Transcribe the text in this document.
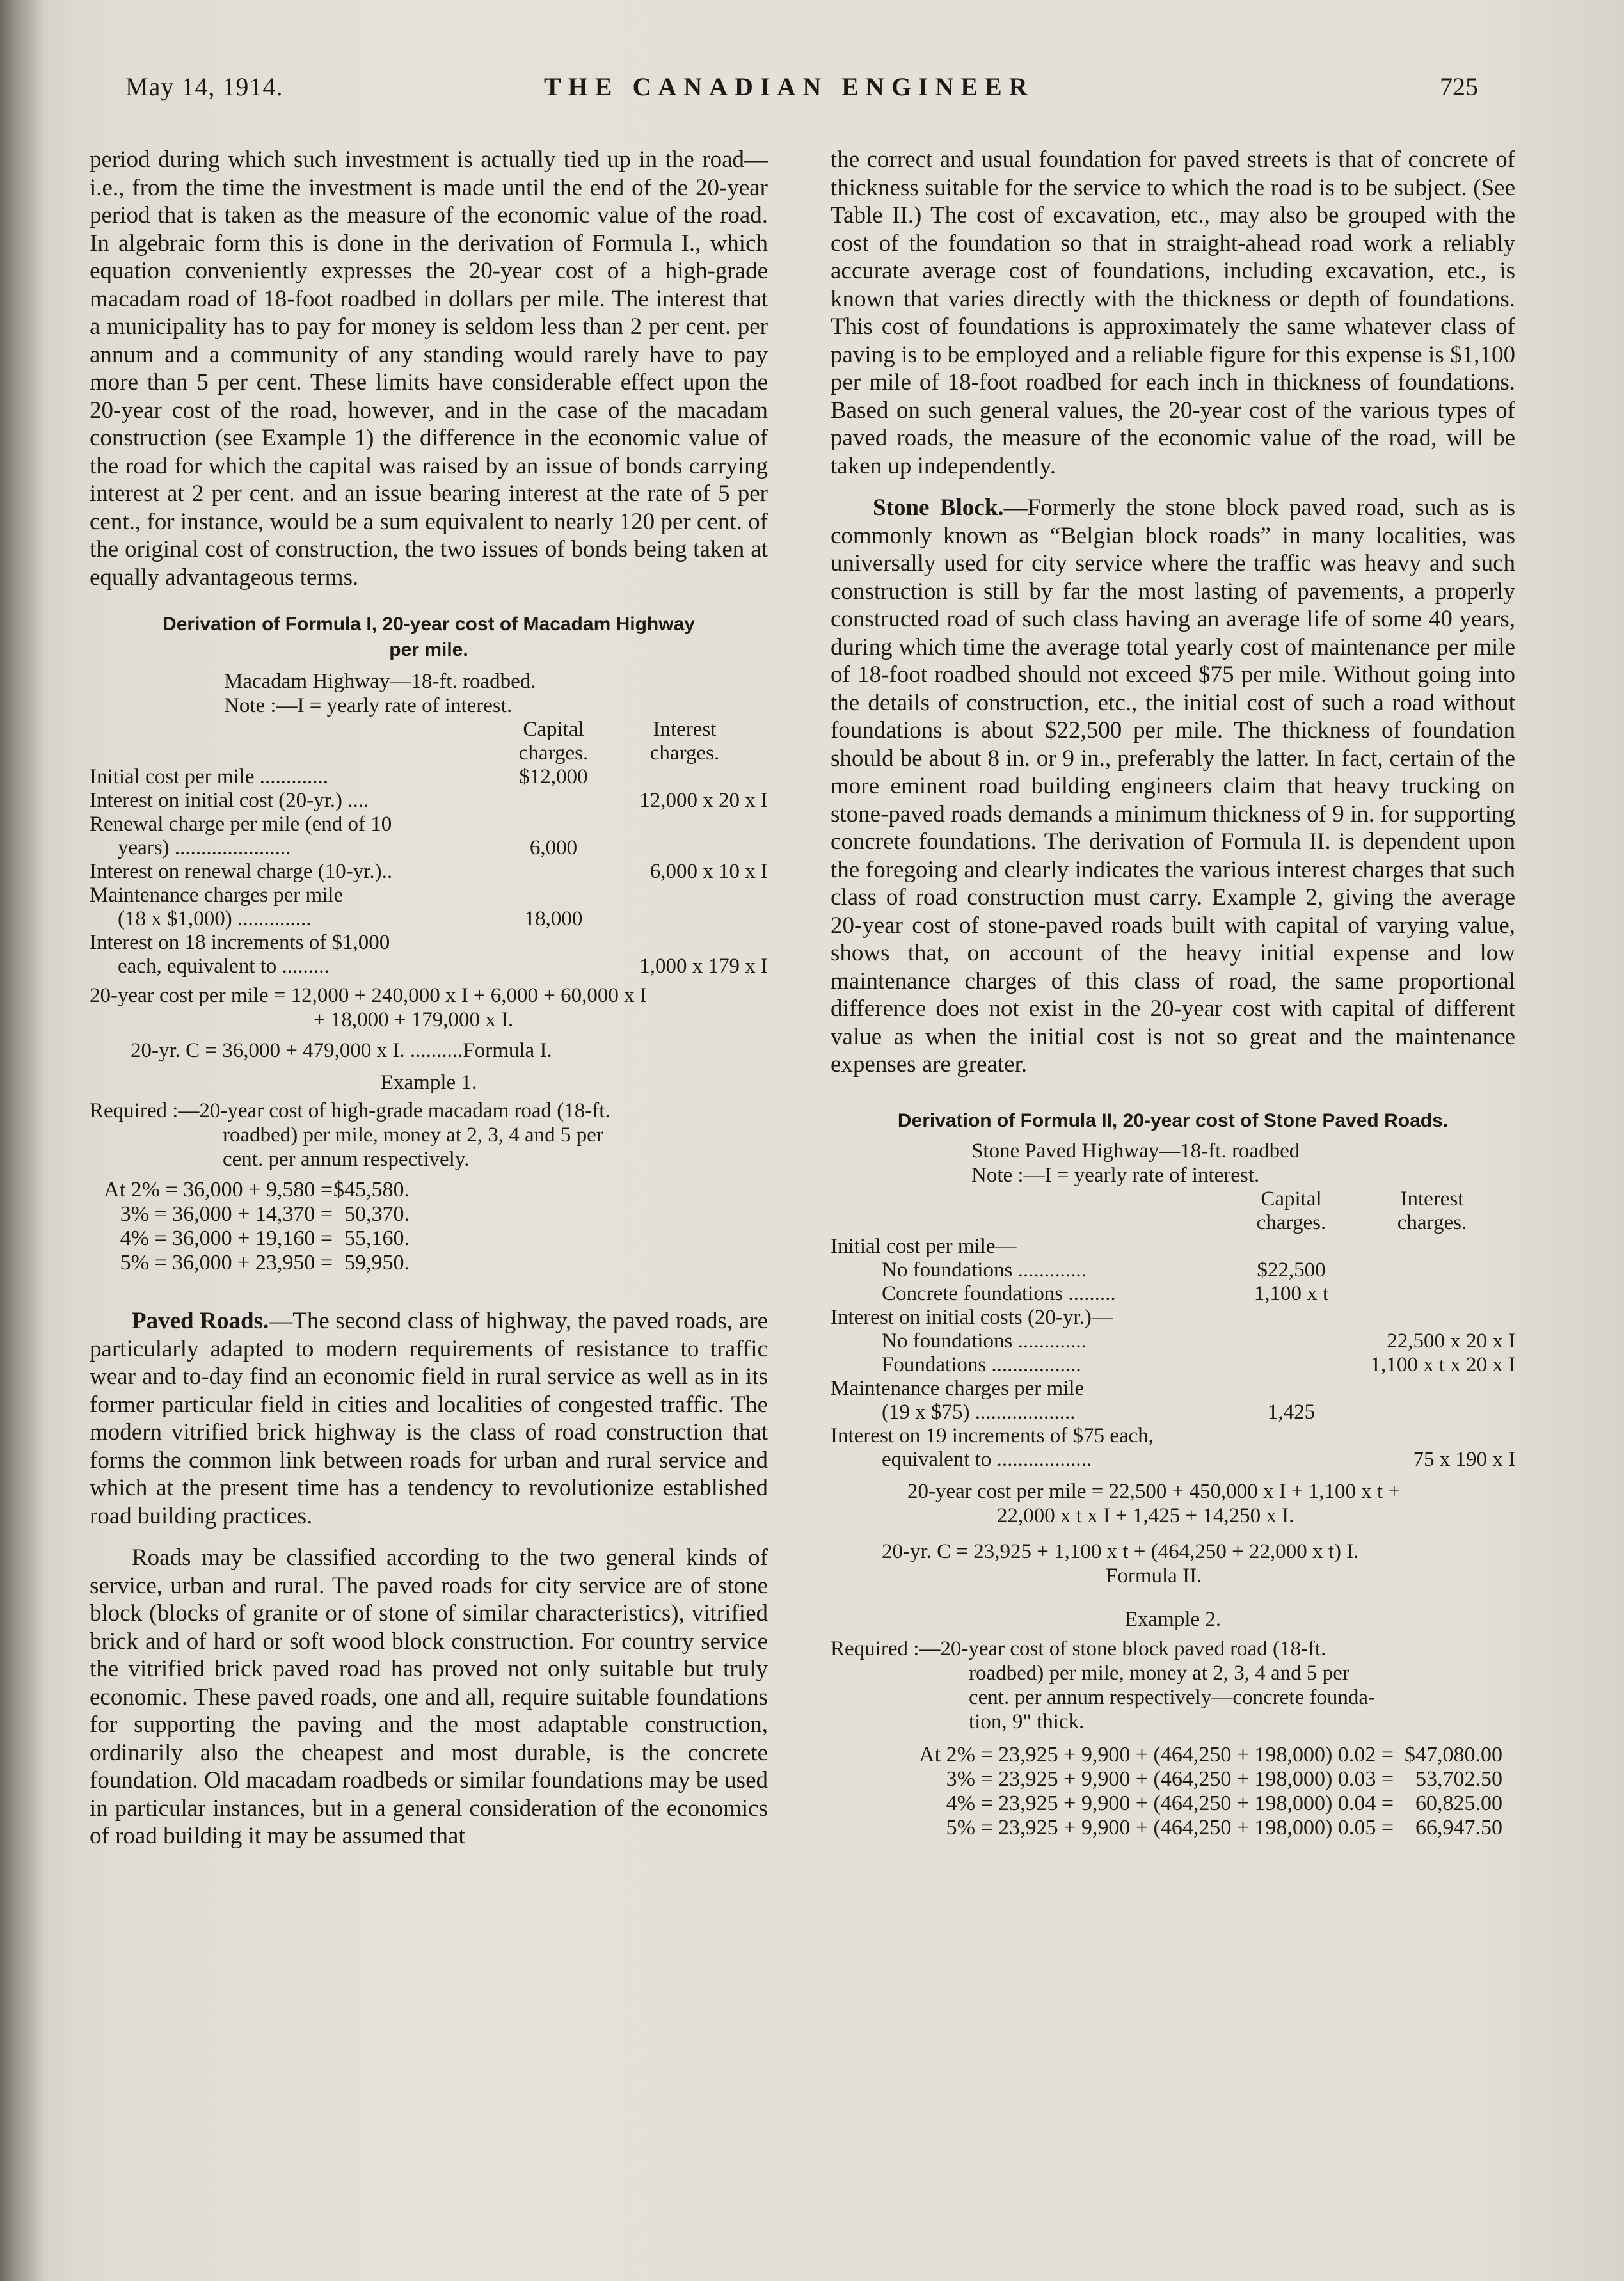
May 14, 1914.	THE CANADIAN ENGINEER	725

period during which such investment is actually tied up in the road—i.e., from the time the investment is made until the end of the 20-year period that is taken as the measure of the economic value of the road. In algebraic form this is done in the derivation of Formula I., which equation conveniently expresses the 20-year cost of a high-grade macadam road of 18-foot roadbed in dollars per mile. The interest that a municipality has to pay for money is seldom less than 2 per cent. per annum and a community of any standing would rarely have to pay more than 5 per cent. These limits have considerable effect upon the 20-year cost of the road, however, and in the case of the macadam construction (see Example 1) the difference in the economic value of the road for which the capital was raised by an issue of bonds carrying interest at 2 per cent. and an issue bearing interest at the rate of 5 per cent., for instance, would be a sum equivalent to nearly 120 per cent. of the original cost of construction, the two issues of bonds being taken at equally advantageous terms.

Derivation of Formula I, 20-year cost of Macadam Highway

per mile.

Macadam Highway—18-ft. roadbed.

Note :—I = yearly rate of interest.

	Capital	Interest
	charges.	charges.
Initial cost per mile .............	$12,000	
Interest on initial cost (20-yr.) ....		12,000 x 20 x I
Renewal charge per mile (end of 10		
years) ......................	6,000	
Interest on renewal charge (10-yr.)..		6,000 x 10 x I
Maintenance charges per mile		
(18 x $1,000) ..............	18,000	
Interest on 18 increments of $1,000		
each, equivalent to .........		1,000 x 179 x I

20-year cost per mile = 12,000 + 240,000 x I + 6,000 + 60,000 x I

+ 18,000 + 179,000 x I.

20-yr. C = 36,000 + 479,000 x I. ..........Formula I.

Example 1.

Required :—20-year cost of high-grade macadam road (18-ft.

roadbed) per mile, money at 2, 3, 4 and 5 per

cent. per annum respectively.

At 2% = 36,000 + 9,580 = $45,580.
3% = 36,000 + 14,370 = 50,370.
4% = 36,000 + 19,160 = 55,160.
5% = 36,000 + 23,950 = 59,950.

Paved Roads.—The second class of highway, the paved roads, are particularly adapted to modern requirements of resistance to traffic wear and to-day find an economic field in rural service as well as in its former particular field in cities and localities of congested traffic. The modern vitrified brick highway is the class of road construction that forms the common link between roads for urban and rural service and which at the present time has a tendency to revolutionize established road building practices.

Roads may be classified according to the two general kinds of service, urban and rural. The paved roads for city service are of stone block (blocks of granite or of stone of similar characteristics), vitrified brick and of hard or soft wood block construction. For country service the vitrified brick paved road has proved not only suitable but truly economic. These paved roads, one and all, require suitable foundations for supporting the paving and the most adaptable construction, ordinarily also the cheapest and most durable, is the concrete foundation. Old macadam roadbeds or similar foundations may be used in particular instances, but in a general consideration of the economics of road building it may be assumed that

the correct and usual foundation for paved streets is that of concrete of thickness suitable for the service to which the road is to be subject. (See Table II.) The cost of excavation, etc., may also be grouped with the cost of the foundation so that in straight-ahead road work a reliably accurate average cost of foundations, including excavation, etc., is known that varies directly with the thickness or depth of foundations. This cost of foundations is approximately the same whatever class of paving is to be employed and a reliable figure for this expense is $1,100 per mile of 18-foot roadbed for each inch in thickness of foundations. Based on such general values, the 20-year cost of the various types of paved roads, the measure of the economic value of the road, will be taken up independently.

Stone Block.—Formerly the stone block paved road, such as is commonly known as “Belgian block roads” in many localities, was universally used for city service where the traffic was heavy and such construction is still by far the most lasting of pavements, a properly constructed road of such class having an average life of some 40 years, during which time the average total yearly cost of maintenance per mile of 18-foot roadbed should not exceed $75 per mile. Without going into the details of construction, etc., the initial cost of such a road without foundations is about $22,500 per mile. The thickness of foundation should be about 8 in. or 9 in., preferably the latter. In fact, certain of the more eminent road building engineers claim that heavy trucking on stone-paved roads demands a minimum thickness of 9 in. for supporting concrete foundations. The derivation of Formula II. is dependent upon the foregoing and clearly indicates the various interest charges that such class of road construction must carry. Example 2, giving the average 20-year cost of stone-paved roads built with capital of varying value, shows that, on account of the heavy initial expense and low maintenance charges of this class of road, the same proportional difference does not exist in the 20-year cost with capital of different value as when the initial cost is not so great and the maintenance expenses are greater.

Derivation of Formula II, 20-year cost of Stone Paved Roads.

Stone Paved Highway—18-ft. roadbed

Note :—I = yearly rate of interest.

	Capital	Interest
	charges.	charges.
Initial cost per mile—		
No foundations .............	$22,500	
Concrete foundations .........	1,100 x t	
Interest on initial costs (20-yr.)—		
No foundations .............		22,500 x 20 x I
Foundations .................		1,100 x t x 20 x I
Maintenance charges per mile		
(19 x $75) ...................	1,425	
Interest on 19 increments of $75 each,		
equivalent to ..................		75 x 190 x I

20-year cost per mile = 22,500 + 450,000 x I + 1,100 x t +

22,000 x t x I + 1,425 + 14,250 x I.

20-yr. C = 23,925 + 1,100 x t + (464,250 + 22,000 x t) I.

Formula II.

Example 2.

Required :—20-year cost of stone block paved road (18-ft.

roadbed) per mile, money at 2, 3, 4 and 5 per

cent. per annum respectively—concrete founda-

tion, 9" thick.

At 2% = 23,925 + 9,900 + (464,250 + 198,000) 0.02 = $47,080.00
3% = 23,925 + 9,900 + (464,250 + 198,000) 0.03 =	53,702.50
4% = 23,925 + 9,900 + (464,250 + 198,000) 0.04 =	60,825.00
5% = 23,925 + 9,900 + (464,250 + 198,000) 0.05 =	66,947.50
